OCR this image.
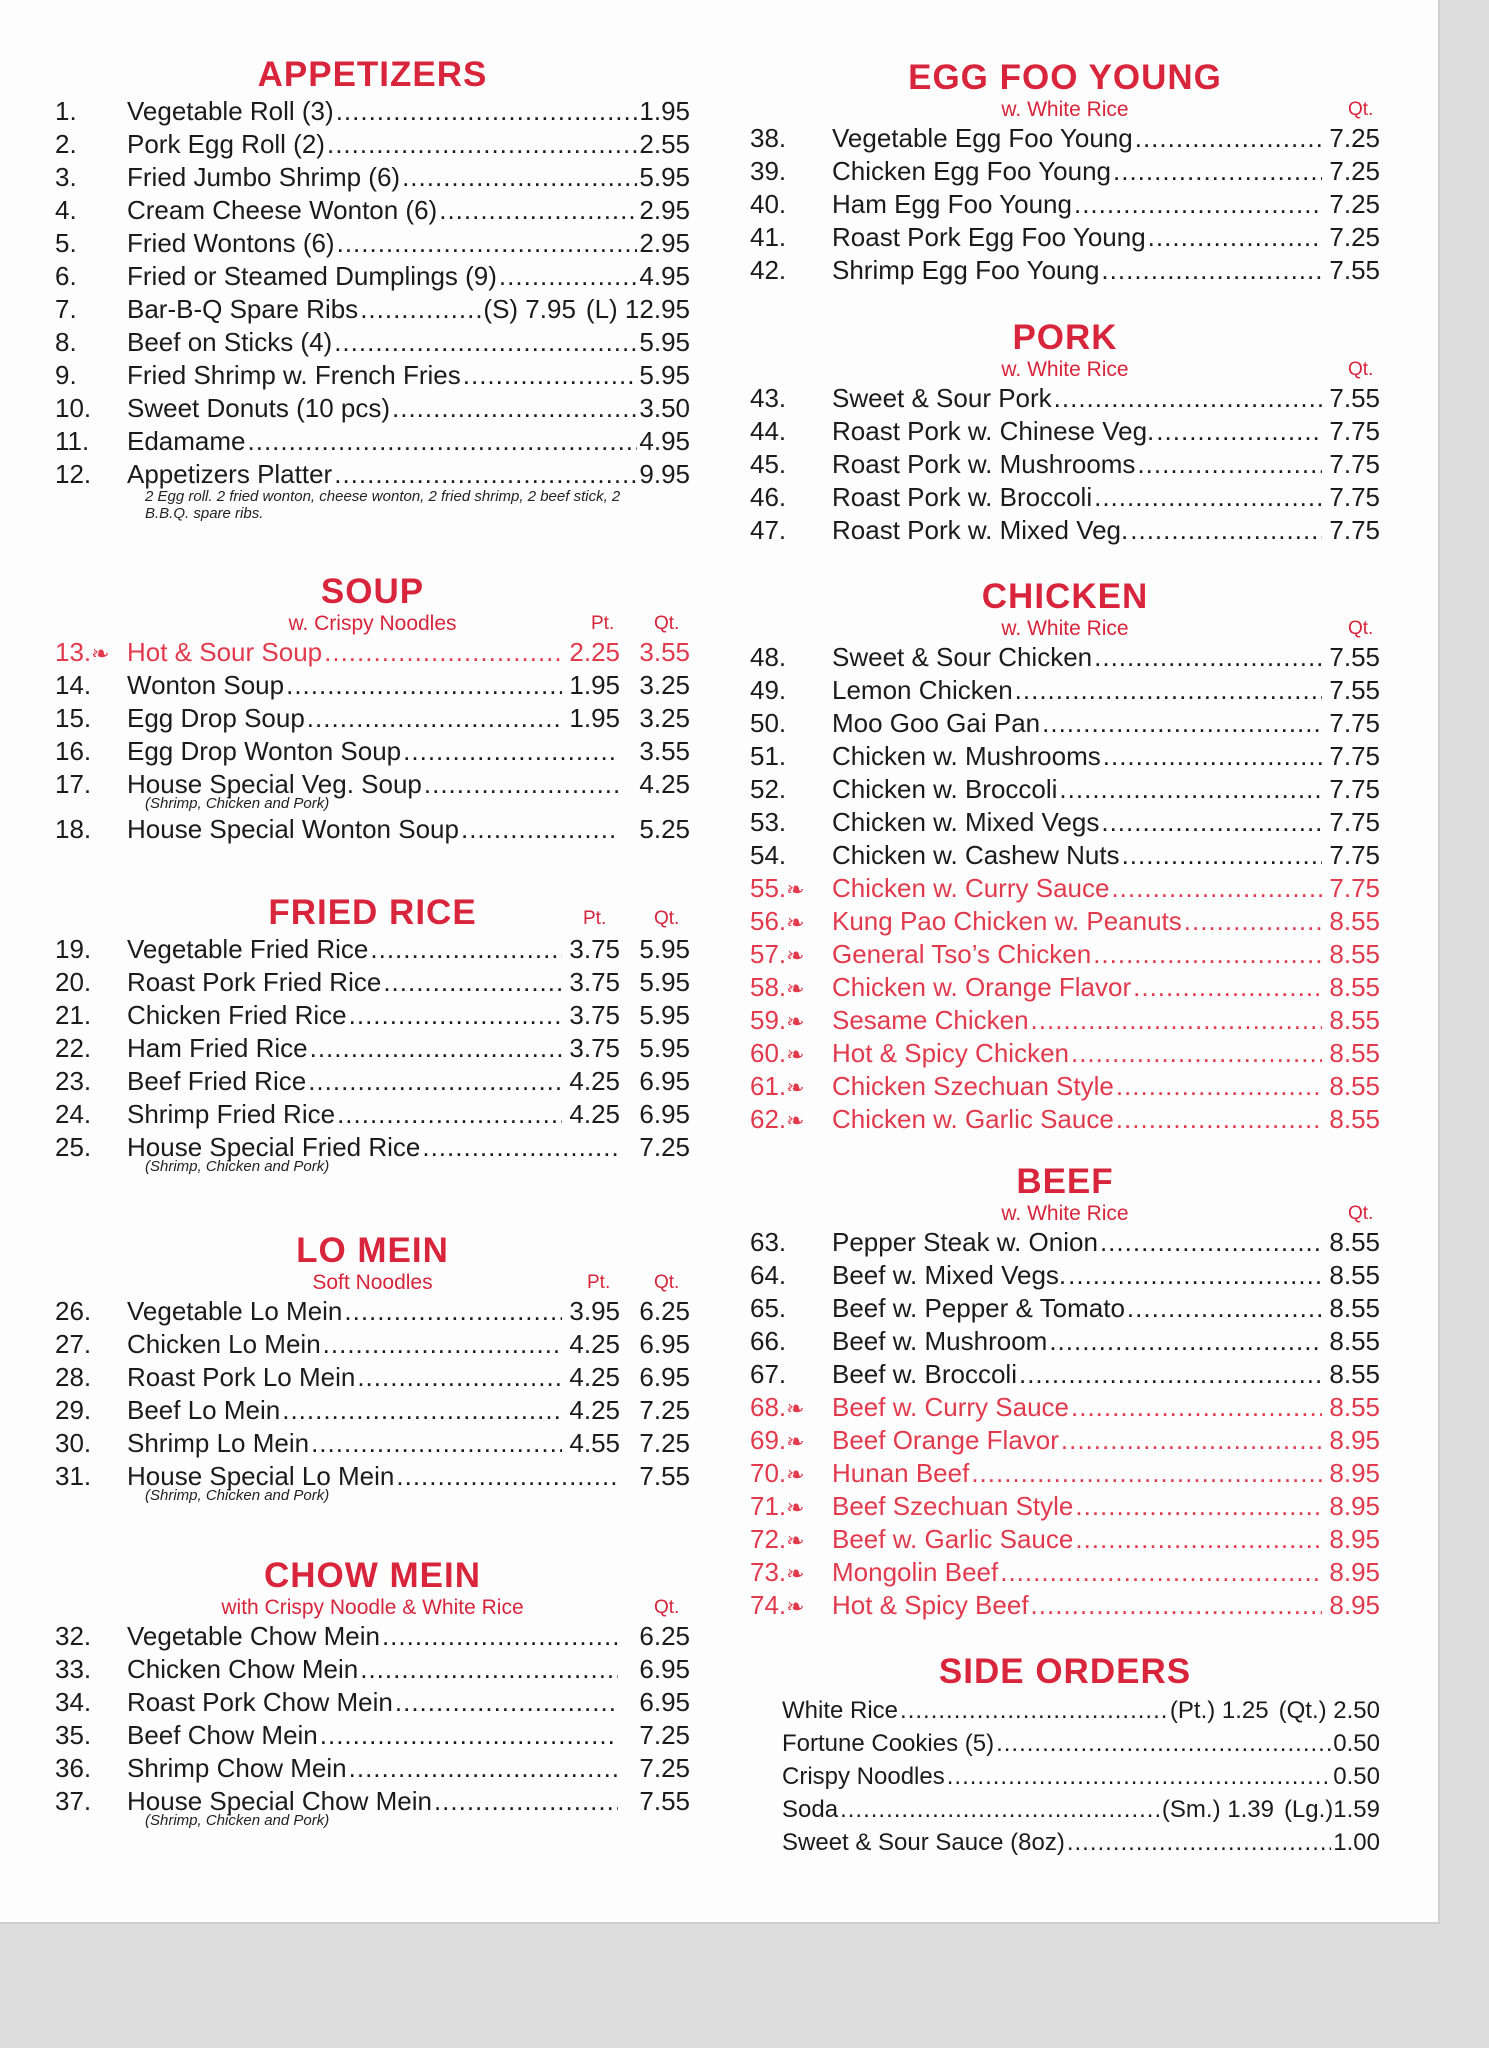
APPETIZERS
1.	Vegetable Roll (3) .....	1.95
2.	Pork Egg Roll (2) .....	2.55
3.	Fried Jumbo Shrimp (6) .....	5.95
4.	Cream Cheese Wonton (6) .....	2.95
5.	Fried Wontons (6) .....	2.95
6.	Fried or Steamed Dumplings (9) .....	4.95
7.	Bar-B-Q Spare Ribs .....	(S) 7.95 (L) 12.95
8.	Beef on Sticks (4) .....	5.95
9.	Fried Shrimp w. French Fries .....	5.95
10.	Sweet Donuts (10 pcs) .....	3.50
11.	Edamame .....	4.95
12.	Appetizers Platter .....	9.95
2 Egg roll. 2 fried wonton, cheese wonton, 2 fried shrimp, 2 beef stick, 2 B.B.Q. spare ribs.
SOUP
w. Crispy Noodles	Pt. Qt.
13.❧ Hot & Sour Soup .....	2.25 3.55
14.	Wonton Soup .....	1.95 3.25
15.	Egg Drop Soup .....	1.95 3.25
16.	Egg Drop Wonton Soup .....	3.55
17.	House Special Veg. Soup .....	4.25
(Shrimp, Chicken and Pork)
18.	House Special Wonton Soup .....	5.25
FRIED RICE	Pt.	Qt.
19.	Vegetable Fried Rice .....	3.75 5.95
20.	Roast Pork Fried Rice .....	3.75 5.95
21.	Chicken Fried Rice .....	3.75 5.95
22.	Ham Fried Rice .....	3.75 5.95
23.	Beef Fried Rice .....	4.25 6.95
24.	Shrimp Fried Rice .....	4.25 6.95
25.	House Special Fried Rice .....	7.25
(Shrimp, Chicken and Pork)
LO MEIN
Soft Noodles	Pt. Qt.
26.	Vegetable Lo Mein .....	3.95 6.25
27.	Chicken Lo Mein .....	4.25 6.95
28.	Roast Pork Lo Mein .....	4.25 6.95
29.	Beef Lo Mein .....	4.25 7.25
30.	Shrimp Lo Mein .....	4.55 7.25
31.	House Special Lo Mein .....	7.55
(Shrimp, Chicken and Pork)
CHOW MEIN
with Crispy Noodle & White Rice	Qt.
32.	Vegetable Chow Mein .....	6.25
33.	Chicken Chow Mein .....	6.95
34.	Roast Pork Chow Mein .....	6.95
35.	Beef Chow Mein .....	7.25
36.	Shrimp Chow Mein .....	7.25
37.	House Special Chow Mein .....	7.55
(Shrimp, Chicken and Pork)
EGG FOO YOUNG
w. White Rice	Qt.
38.	Vegetable Egg Foo Young .....	7.25
39.	Chicken Egg Foo Young .....	7.25
40.	Ham Egg Foo Young .....	7.25
41.	Roast Pork Egg Foo Young .....	7.25
42.	Shrimp Egg Foo Young .....	7.55
PORK
w. White Rice	Qt.
43.	Sweet & Sour Pork .....	7.55
44.	Roast Pork w. Chinese Veg. .....	7.75
45.	Roast Pork w. Mushrooms .....	7.75
46.	Roast Pork w. Broccoli .....	7.75
47.	Roast Pork w. Mixed Veg. .....	7.75
CHICKEN
w. White Rice	Qt.
48.	Sweet & Sour Chicken .....	7.55
49.	Lemon Chicken .....	7.55
50.	Moo Goo Gai Pan .....	7.75
51.	Chicken w. Mushrooms .....	7.75
52.	Chicken w. Broccoli .....	7.75
53.	Chicken w. Mixed Vegs .....	7.75
54.	Chicken w. Cashew Nuts .....	7.75
55.❧	Chicken w. Curry Sauce .....	7.75
56.❧	Kung Pao Chicken w. Peanuts .....	8.55
57.❧	General Tso’s Chicken .....	8.55
58.❧	Chicken w. Orange Flavor .....	8.55
59.❧	Sesame Chicken .....	8.55
60.❧	Hot & Spicy Chicken .....	8.55
61.❧	Chicken Szechuan Style .....	8.55
62.❧	Chicken w. Garlic Sauce .....	8.55
BEEF
w. White Rice	Qt.
63.	Pepper Steak w. Onion .....	8.55
64.	Beef w. Mixed Vegs. .....	8.55
65.	Beef w. Pepper & Tomato .....	8.55
66.	Beef w. Mushroom .....	8.55
67.	Beef w. Broccoli .....	8.55
68.❧	Beef w. Curry Sauce .....	8.55
69.❧	Beef Orange Flavor .....	8.95
70.❧	Hunan Beef .....	8.95
71.❧	Beef Szechuan Style .....	8.95
72.❧	Beef w. Garlic Sauce .....	8.95
73.❧	Mongolin Beef .....	8.95
74.❧	Hot & Spicy Beef .....	8.95
SIDE ORDERS
White Rice .....	(Pt.) 1.25 (Qt.) 2.50
Fortune Cookies (5) .....	0.50
Crispy Noodles .....	0.50
Soda .....	(Sm.) 1.39 (Lg.)1.59
Sweet & Sour Sauce (8oz) .....	1.00
